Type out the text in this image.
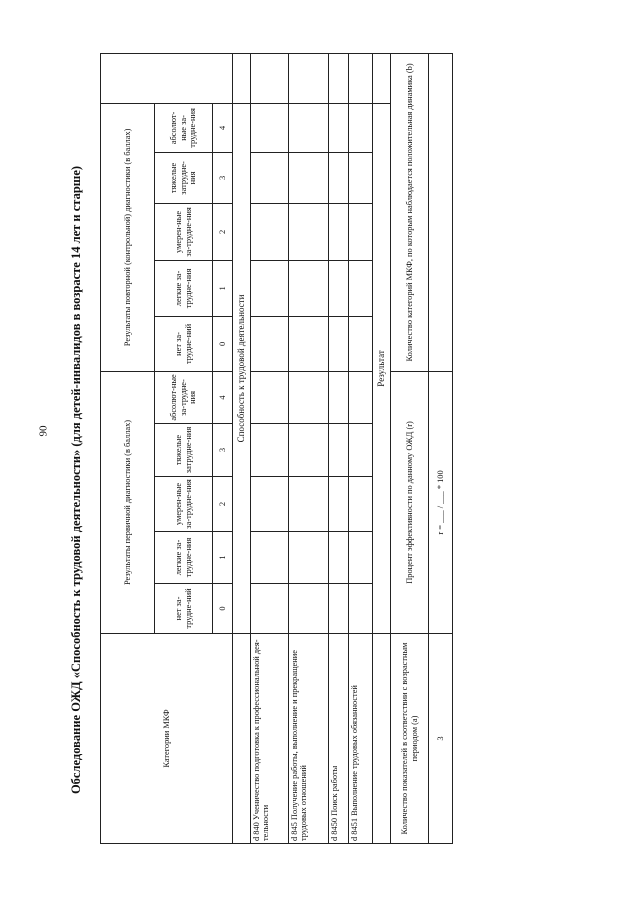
90 Обследование ОЖД «Способность к трудовой деятельности» (для детей-инвалидов в возрасте 14 лет и старше)	Категории МКФ	Результаты первичной диагностики (в баллах)					Результаты повторной (контрольной) диагностики (в баллах)					
	нет за-трудне-ний	легкие за-трудне-ния	умерен-ные за-трудне-ния	тяжелые затрудне-ния	абсолют-ные за-трудне-ния	нет за-трудне-ний	легкие за-трудне-ния	умерен-ные за-трудне-ния	тяжелые затрудне-ния	абсолют-ные за-трудне-ния	
	0	1	2	3	4	0	1	2	3	4	
	Способность к трудовой деятельности										
d 840 Ученичество подготовка к профессиональной дея-тельности											
d 845 Получение работы, выполнение и прекращение трудовых отношений											
d 8450 Поиск работы											
d 8451 Выполнение трудовых обязанностей											
	Результат										
Количество показателей в соответствии с возрастным периодом (a)	Процент эффективности по данному ОЖД (r)					Количество категорий МКФ, по которым наблюдается положительная динамика (b)					
3	r = ___ / ___ * 100										
